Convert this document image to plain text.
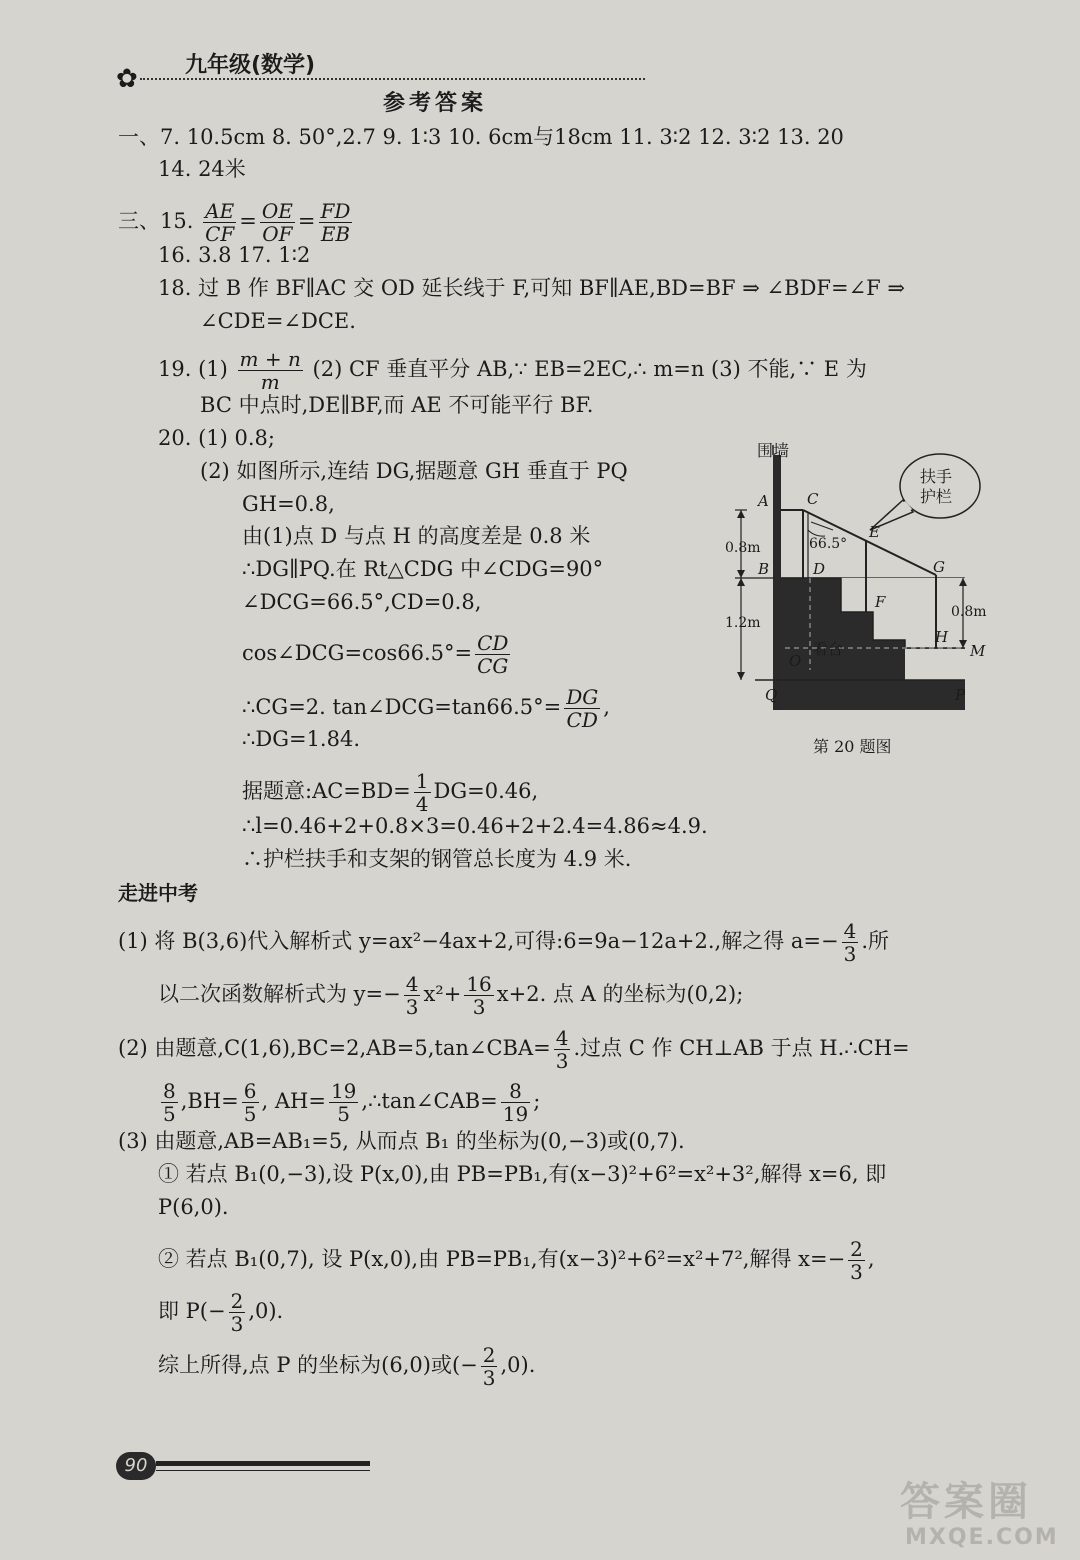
✿ 九年级(数学)
参考答案
一、7. 10.5cm 8. 50°,2.7 9. 1∶3 10. 6cm与18cm 11. 3∶2 12. 3∶2 13. 20
14. 24米
三、15. $\frac{AE}{CF} = \frac{OE}{OF} = \frac{FD}{EB}$
16. 3.8 17. 1∶2
18. 过 B 作 BF∥AC 交 OD 延长线于 F,可知 BF∥AE,BD=BF ⇒ ∠BDF=∠F ⇒
∠CDE=∠DCE.
19. $(1) \frac{m + n}{m} (2)$ CF 垂直平分 AB,∵ EB=2EC,∴ m=n (3) 不能,∵ E 为
BC 中点时,DE∥BF,而 AE 不可能平行 BF.
20. (1) 0.8;
(2) 如图所示,连结 DG,据题意 GH 垂直于 PQ
GH=0.8,
由(1)点 D 与点 H 的高度差是 0.8 米
∴DG∥PQ.在 Rt△CDG 中∠CDG=90°
∠DCG=66.5°,CD=0.8,
cos∠DCG=cos66.5°= $\frac{CD}{CG}$
∴CG=2. tan∠DCG=tan66.5°= $\frac{DG}{CD}$ ,
∴DG=1.84.
据题意:AC=BD= $\frac{1}{4} DG=0.46$,
∴l=0.46+2+0.8×3=0.46+2+2.4=4.86≈4.9.
∴护栏扶手和支架的钢管总长度为 4.9 米.
围墙
扶手
护栏
66.5°
0.8m
1.2m
0.8m
看台
A
B
C
D
E
F
G
H
M
O
Q	P
第 20 题图
走进中考
(1) 将 B(3,6)代入解析式 y=ax²−4ax+2,可得:6=9a−12a+2.,解之得 $a=- \frac{4}{3}$ .所
以二次函数解析式为 $y=- \frac{4}{3} x^2+ \frac{16}{3} x+2$. 点 A 的坐标为(0,2);
(2) 由题意,C(1,6),BC=2,AB=5,tan∠CBA= $\frac{4}{3}$ .过点 C 作 CH⊥AB 于点 H.∴CH=
$\frac{8}{5} ,BH= \frac{6}{5}$ , $AH= \frac{19}{5}$ ,∴tan∠CAB= $\frac{8}{19}$ ;
(3) 由题意,AB=AB₁=5, 从而点 B₁ 的坐标为(0,−3)或(0,7).
① 若点 B₁(0,−3),设 P(x,0),由 PB=PB₁,有(x−3)²+6²=x²+3²,解得 x=6, 即
P(6,0).
② 若点 B₁(0,7), 设 P(x,0),由 PB=PB₁,有(x−3)²+6²=x²+7²,解得 $x=- \frac{2}{3}$ ,
即 $P(- \frac{2}{3} ,0)$.
综上所得,点 P 的坐标为(6,0)或(− $\frac{2}{3} ,0$).
90
答案圈
MXQE.COM
